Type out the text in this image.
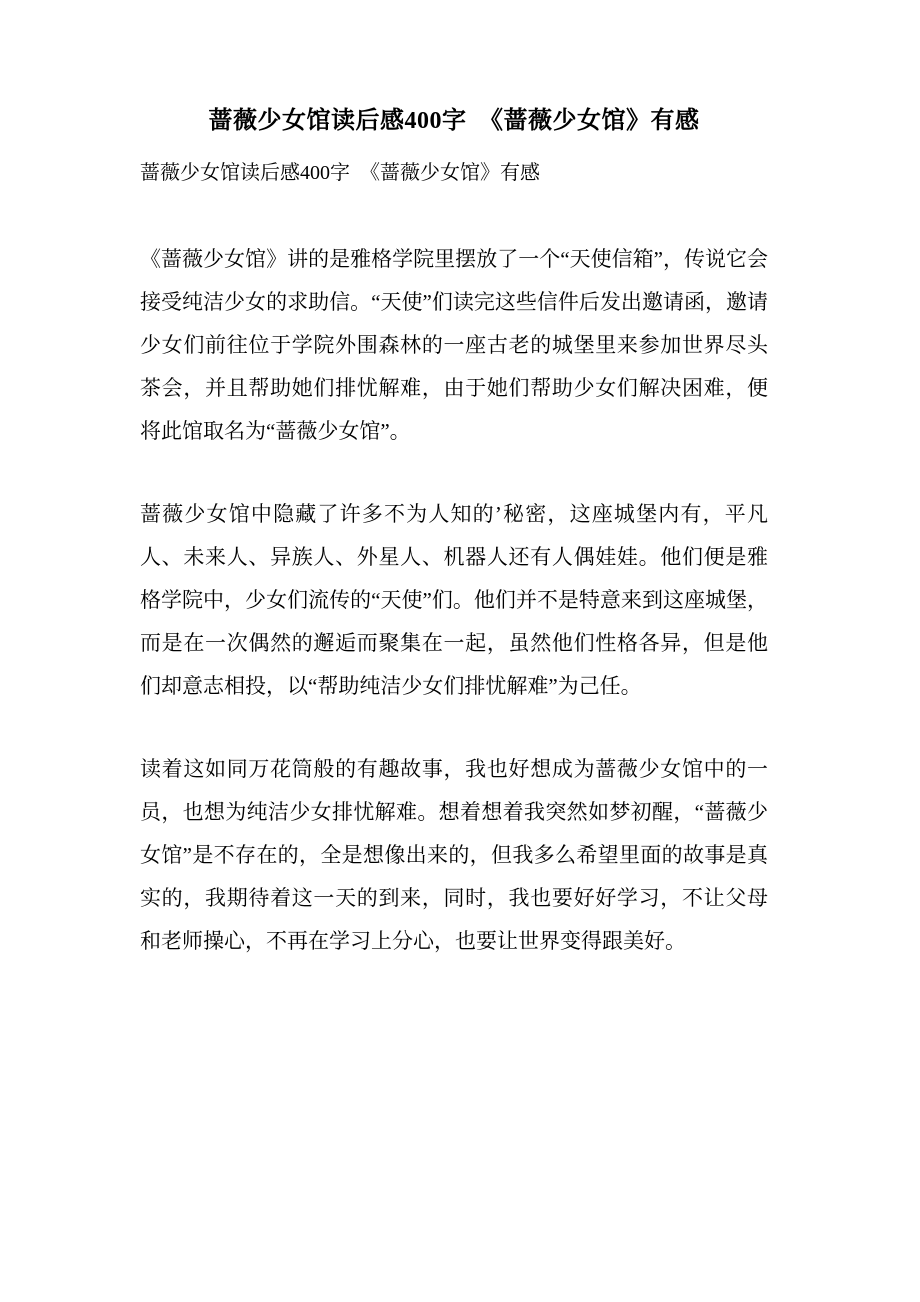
蔷薇少女馆读后感400字　《蔷薇少女馆》有感
蔷薇少女馆读后感400字　《蔷薇少女馆》有感

《蔷薇少女馆》讲的是雅格学院里摆放了一个“天使信箱”，传说它会接受纯洁少女的求助信。“天使”们读完这些信件后发出邀请函，邀请少女们前往位于学院外围森林的一座古老的城堡里来参加世界尽头茶会，并且帮助她们排忧解难，由于她们帮助少女们解决困难，便将此馆取名为“蔷薇少女馆”。

蔷薇少女馆中隐藏了许多不为人知的’秘密，这座城堡内有，平凡人、未来人、异族人、外星人、机器人还有人偶娃娃。他们便是雅格学院中，少女们流传的“天使”们。他们并不是特意来到这座城堡，而是在一次偶然的邂逅而聚集在一起，虽然他们性格各异，但是他们却意志相投，以“帮助纯洁少女们排忧解难”为己任。

读着这如同万花筒般的有趣故事，我也好想成为蔷薇少女馆中的一员，也想为纯洁少女排忧解难。想着想着我突然如梦初醒，“蔷薇少女馆”是不存在的，全是想像出来的，但我多么希望里面的故事是真实的，我期待着这一天的到来，同时，我也要好好学习，不让父母和老师操心，不再在学习上分心，也要让世界变得跟美好。
